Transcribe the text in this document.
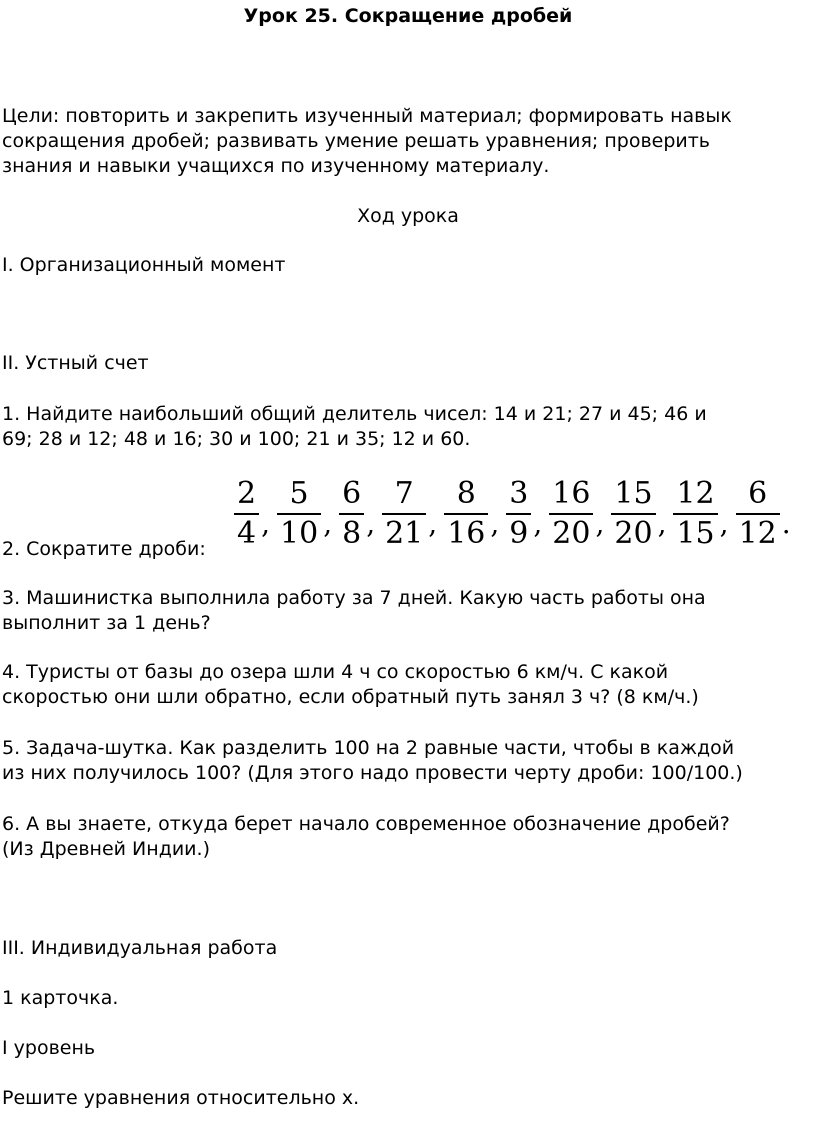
Урок 25. Сокращение дробей
Цели: повторить и закрепить изученный материал; формировать навык
сокращения дробей; развивать умение решать уравнения; проверить
знания и навыки учащихся по изученному материалу.
Ход урока
I. Организационный момент
II. Устный счет
1. Найдите наибольший общий делитель чисел: 14 и 21; 27 и 45; 46 и
69; 28 и 12; 48 и 16; 30 и 100; 21 и 35; 12 и 60.
2. Сократите дроби: $\frac{2}{4}$ , $\frac{5}{10}$ , $\frac{6}{8}$ , $\frac{7}{21}$ , $\frac{8}{16}$ , $\frac{3}{9}$ , $\frac{16}{20}$ , $\frac{15}{20}$ , $\frac{12}{15}$ , $\frac{6}{12}$ .
3. Машинистка выполнила работу за 7 дней. Какую часть работы она
выполнит за 1 день?
4. Туристы от базы до озера шли 4 ч со скоростью 6 км/ч. С какой
скоростью они шли обратно, если обратный путь занял 3 ч? (8 км/ч.)
5. Задача-шутка. Как разделить 100 на 2 равные части, чтобы в каждой
из них получилось 100? (Для этого надо провести черту дроби: 100/100.)
6. А вы знаете, откуда берет начало современное обозначение дробей?
(Из Древней Индии.)
III. Индивидуальная работа
1 карточка.
I уровень
Решите уравнения относительно х.
